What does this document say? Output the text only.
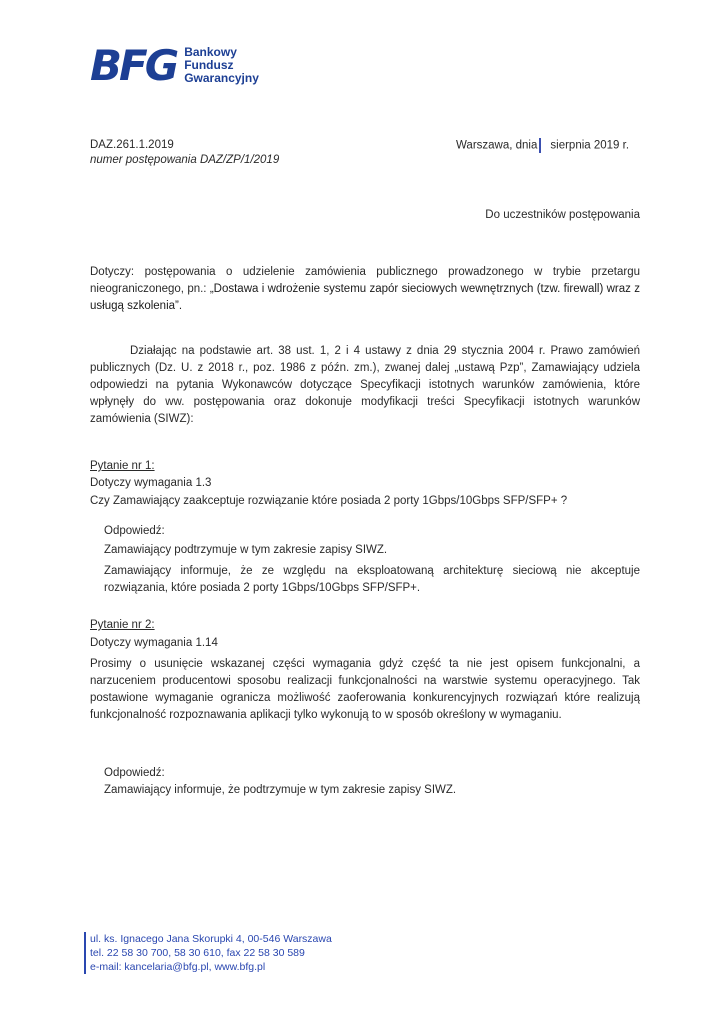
BFG Bankowy
Fundusz
Gwarancyjny
DAZ.261.1.2019
numer postępowania DAZ/ZP/1/2019
Warszawa, dnia sierpnia 2019 r.
Do uczestników postępowania
Dotyczy: postępowania o udzielenie zamówienia publicznego prowadzonego w trybie przetargu nieograniczonego, pn.: „Dostawa i wdrożenie systemu zapór sieciowych wewnętrznych (tzw. firewall) wraz z usługą szkolenia”.
Działając na podstawie art. 38 ust. 1, 2 i 4 ustawy z dnia 29 stycznia 2004 r. Prawo zamówień publicznych (Dz. U. z 2018 r., poz. 1986 z późn. zm.), zwanej dalej „ustawą Pzp”, Zamawiający udziela odpowiedzi na pytania Wykonawców dotyczące Specyfikacji istotnych warunków zamówienia, które wpłynęły do ww. postępowania oraz dokonuje modyfikacji treści Specyfikacji istotnych warunków zamówienia (SIWZ):
Pytanie nr 1:
Dotyczy wymagania 1.3
Czy Zamawiający zaakceptuje rozwiązanie które posiada 2 porty 1Gbps/10Gbps SFP/SFP+ ?
Odpowiedź:
Zamawiający podtrzymuje w tym zakresie zapisy SIWZ.
Zamawiający informuje, że ze względu na eksploatowaną architekturę sieciową nie akceptuje rozwiązania, które posiada 2 porty 1Gbps/10Gbps SFP/SFP+.
Pytanie nr 2:
Dotyczy wymagania 1.14
Prosimy o usunięcie wskazanej części wymagania gdyż część ta nie jest opisem funkcjonalni, a narzuceniem producentowi sposobu realizacji funkcjonalności na warstwie systemu operacyjnego. Tak postawione wymaganie ogranicza możliwość zaoferowania konkurencyjnych rozwiązań które realizują funkcjonalność rozpoznawania aplikacji tylko wykonują to w sposób określony w wymaganiu.
Odpowiedź:
Zamawiający informuje, że podtrzymuje w tym zakresie zapisy SIWZ.
ul. ks. Ignacego Jana Skorupki 4, 00-546 Warszawa
tel. 22 58 30 700, 58 30 610, fax 22 58 30 589
e-mail: kancelaria@bfg.pl, www.bfg.pl
